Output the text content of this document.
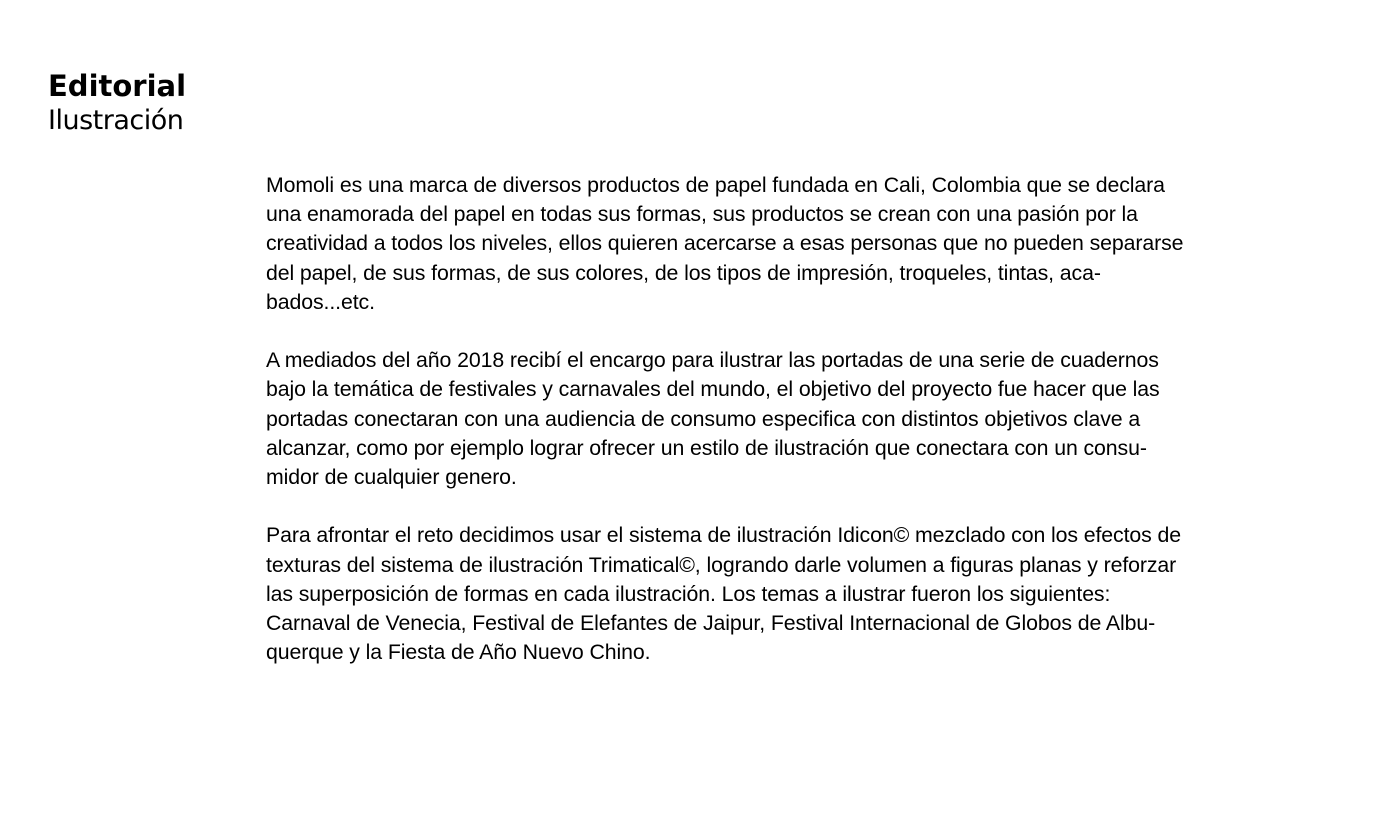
Editorial
Ilustración

Momoli es una marca de diversos productos de papel fundada en Cali, Colombia que se declara
una enamorada del papel en todas sus formas, sus productos se crean con una pasión por la
creatividad a todos los niveles, ellos quieren acercarse a esas personas que no pueden separarse
del papel, de sus formas, de sus colores, de los tipos de impresión, troqueles, tintas, aca-
bados...etc.

A mediados del año 2018 recibí el encargo para ilustrar las portadas de una serie de cuadernos
bajo la temática de festivales y carnavales del mundo, el objetivo del proyecto fue hacer que las
portadas conectaran con una audiencia de consumo especifica con distintos objetivos clave a
alcanzar, como por ejemplo lograr ofrecer un estilo de ilustración que conectara con un consu-
midor de cualquier genero.

Para afrontar el reto decidimos usar el sistema de ilustración Idicon© mezclado con los efectos de
texturas del sistema de ilustración Trimatical©, logrando darle volumen a figuras planas y reforzar
las superposición de formas en cada ilustración. Los temas a ilustrar fueron los siguientes:
Carnaval de Venecia, Festival de Elefantes de Jaipur, Festival Internacional de Globos de Albu-
querque y la Fiesta de Año Nuevo Chino.
